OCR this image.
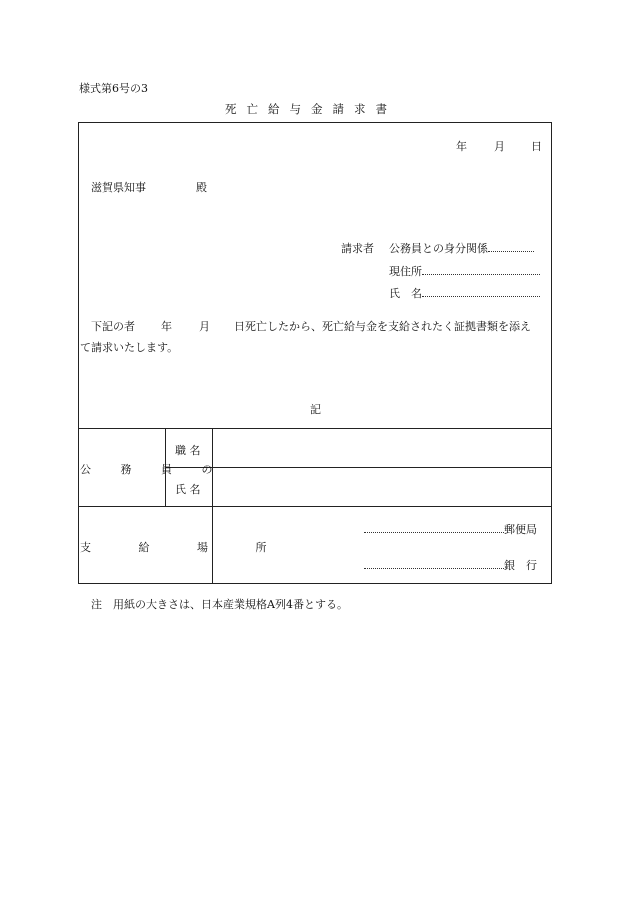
様式第6号の3
死亡給与金請求書
年 月 日
滋賀県知事	殿
請求者 公務員との身分関係
現住所
氏　名
下記の者 年 月 日死亡したから、死亡給与金を支給されたく証拠書類を添え
て請求いたします。
記
公 務 員 の
職 名
氏 名
支 給 場 所
郵便局
銀　行
注　用紙の大きさは、日本産業規格A列4番とする。
